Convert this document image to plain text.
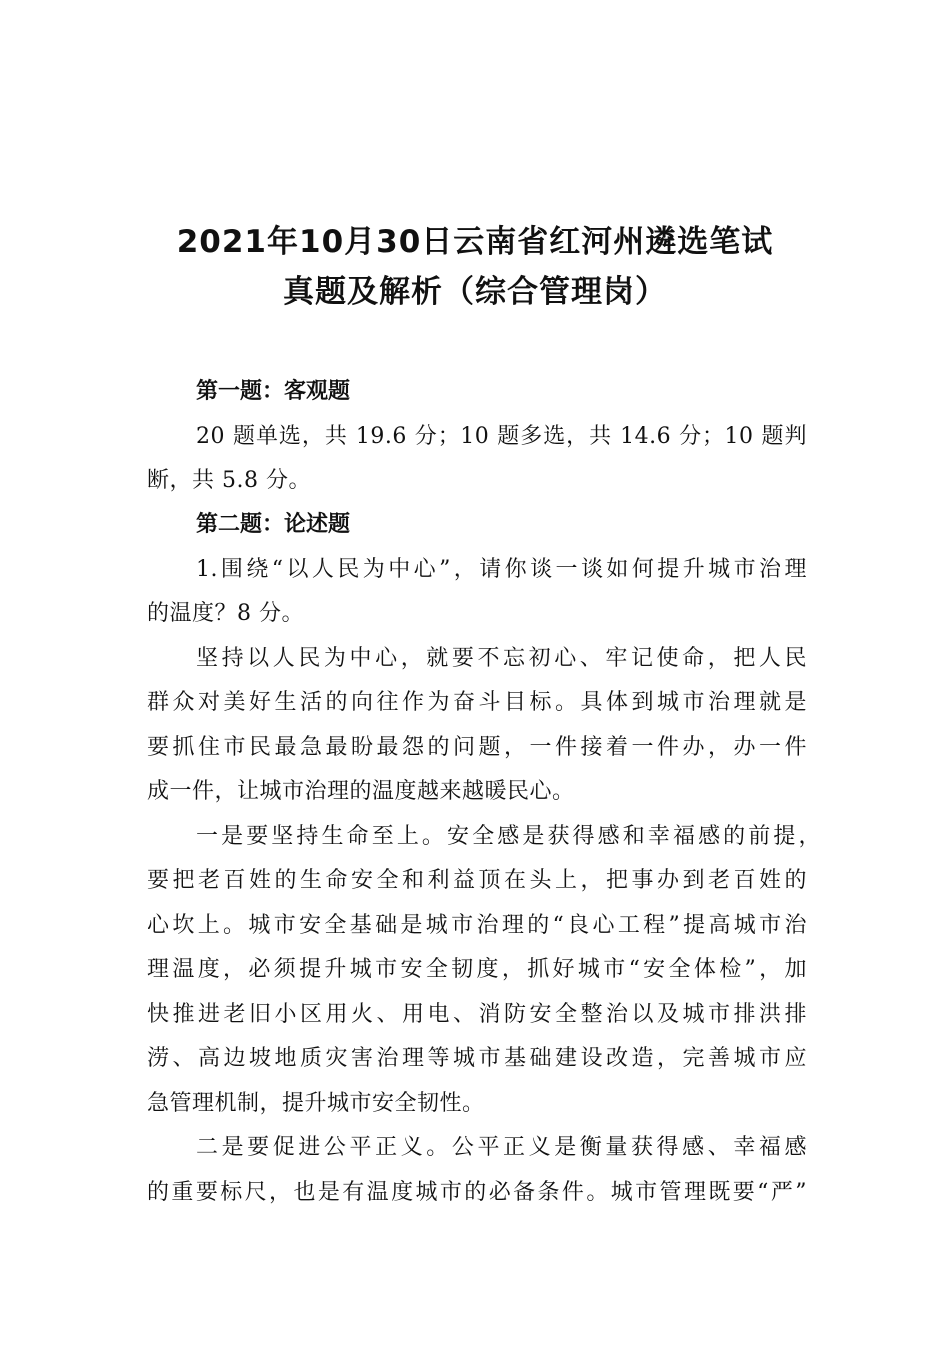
2021年10月30日云南省红河州遴选笔试
真题及解析（综合管理岗）
第一题：客观题
20 题单选，共 19.6 分；10 题多选，共 14.6 分；10 题判
断，共 5.8 分。
第二题：论述题
1.围绕“以人民为中心”，请你谈一谈如何提升城市治理
的温度？8 分。
坚持以人民为中心，就要不忘初心、牢记使命，把人民
群众对美好生活的向往作为奋斗目标。具体到城市治理就是
要抓住市民最急最盼最怨的问题，一件接着一件办，办一件
成一件，让城市治理的温度越来越暖民心。
一是要坚持生命至上。安全感是获得感和幸福感的前提，
要把老百姓的生命安全和利益顶在头上，把事办到老百姓的
心坎上。城市安全基础是城市治理的“良心工程”提高城市治
理温度，必须提升城市安全韧度，抓好城市“安全体检”，加
快推进老旧小区用火、用电、消防安全整治以及城市排洪排
涝、高边坡地质灾害治理等城市基础建设改造，完善城市应
急管理机制，提升城市安全韧性。
二是要促进公平正义。公平正义是衡量获得感、幸福感
的重要标尺，也是有温度城市的必备条件。城市管理既要“严”
